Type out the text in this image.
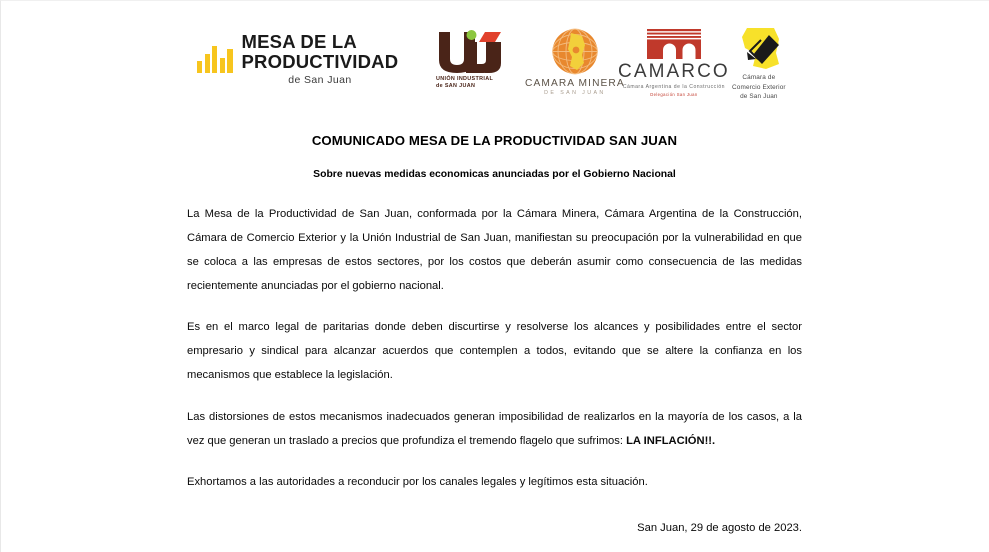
MESA DE LA
PRODUCTIVIDAD
de San Juan	UNIÓN INDUSTRIAL
de SAN JUAN	CAMARA MINERA
DE SAN JUAN
CAMARCO
Cámara Argentina de la Construcción
Delegación San Juan
Cámara de
Comercio Exterior
de San Juan
COMUNICADO MESA DE LA PRODUCTIVIDAD SAN JUAN
Sobre nuevas medidas economicas anunciadas por el Gobierno Nacional

La Mesa de la Productividad de San Juan, conformada por la Cámara Minera, Cámara Argentina de la Construcción, Cámara de Comercio Exterior y la Unión Industrial de San Juan, manifiestan su preocupación por la vulnerabilidad en que se coloca a las empresas de estos sectores, por los costos que deberán asumir como consecuencia de las medidas recientemente anunciadas por el gobierno nacional.

Es en el marco legal de paritarias donde deben discurtirse y resolverse los alcances y posibilidades entre el sector empresario y sindical para alcanzar acuerdos que contemplen a todos, evitando que se altere la confianza en los mecanismos que establece la legislación.

Las distorsiones de estos mecanismos inadecuados generan imposibilidad de realizarlos en la mayoría de los casos, a la vez que generan un traslado a precios que profundiza el tremendo flagelo que sufrimos: LA INFLACIÓN!!.

Exhortamos a las autoridades a reconducir por los canales legales y legítimos esta situación.

San Juan, 29 de agosto de 2023.
